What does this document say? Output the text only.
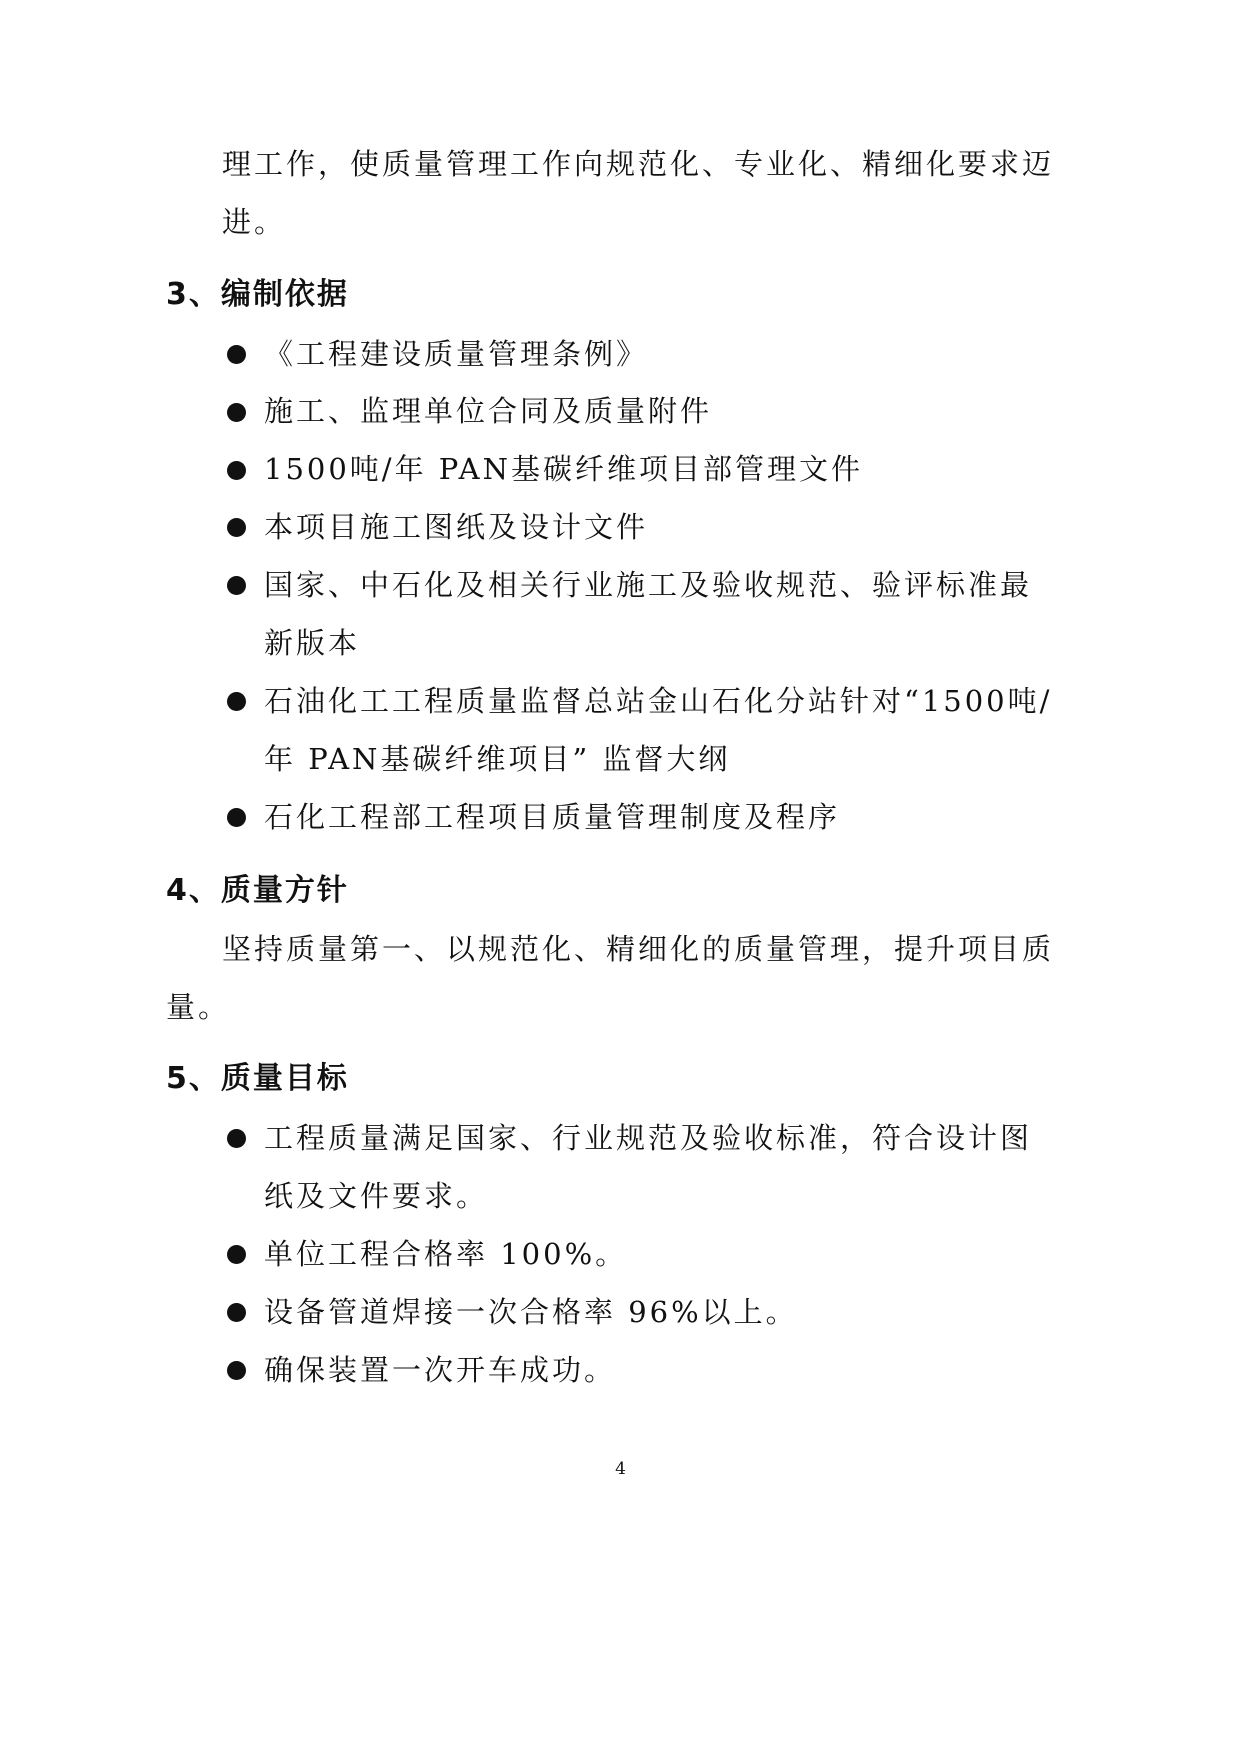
理工作，使质量管理工作向规范化、专业化、精细化要求迈
进。
3、编制依据
《工程建设质量管理条例》
施工、监理单位合同及质量附件
1500吨/年 PAN基碳纤维项目部管理文件
本项目施工图纸及设计文件
国家、中石化及相关行业施工及验收规范、验评标准最
新版本
石油化工工程质量监督总站金山石化分站针对“1500吨/
年 PAN基碳纤维项目” 监督大纲
石化工程部工程项目质量管理制度及程序
4、质量方针
坚持质量第一、以规范化、精细化的质量管理，提升项目质
量。
5、质量目标
工程质量满足国家、行业规范及验收标准，符合设计图
纸及文件要求。
单位工程合格率 100%。
设备管道焊接一次合格率 96%以上。
确保装置一次开车成功。
4
